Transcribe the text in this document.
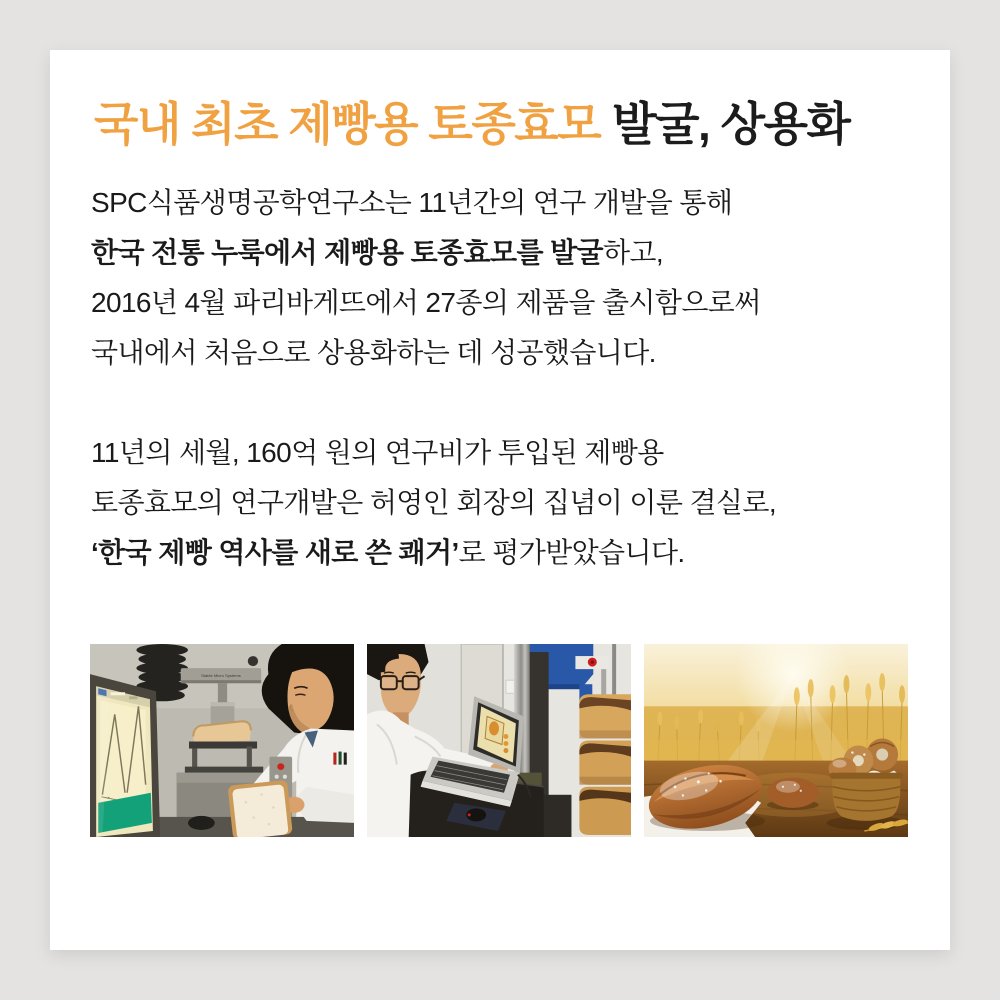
국내 최초 제빵용 토종효모 발굴, 상용화

SPC식품생명공학연구소는 11년간의 연구 개발을 통해
한국 전통 누룩에서 제빵용 토종효모를 발굴하고,
2016년 4월 파리바게뜨에서 27종의 제품을 출시함으로써
국내에서 처음으로 상용화하는 데 성공했습니다.

11년의 세월, 160억 원의 연구비가 투입된 제빵용
토종효모의 연구개발은 허영인 회장의 집념이 이룬 결실로,
‘한국 제빵 역사를 새로 쓴 쾌거’로 평가받았습니다.

Stable Micro Systems
